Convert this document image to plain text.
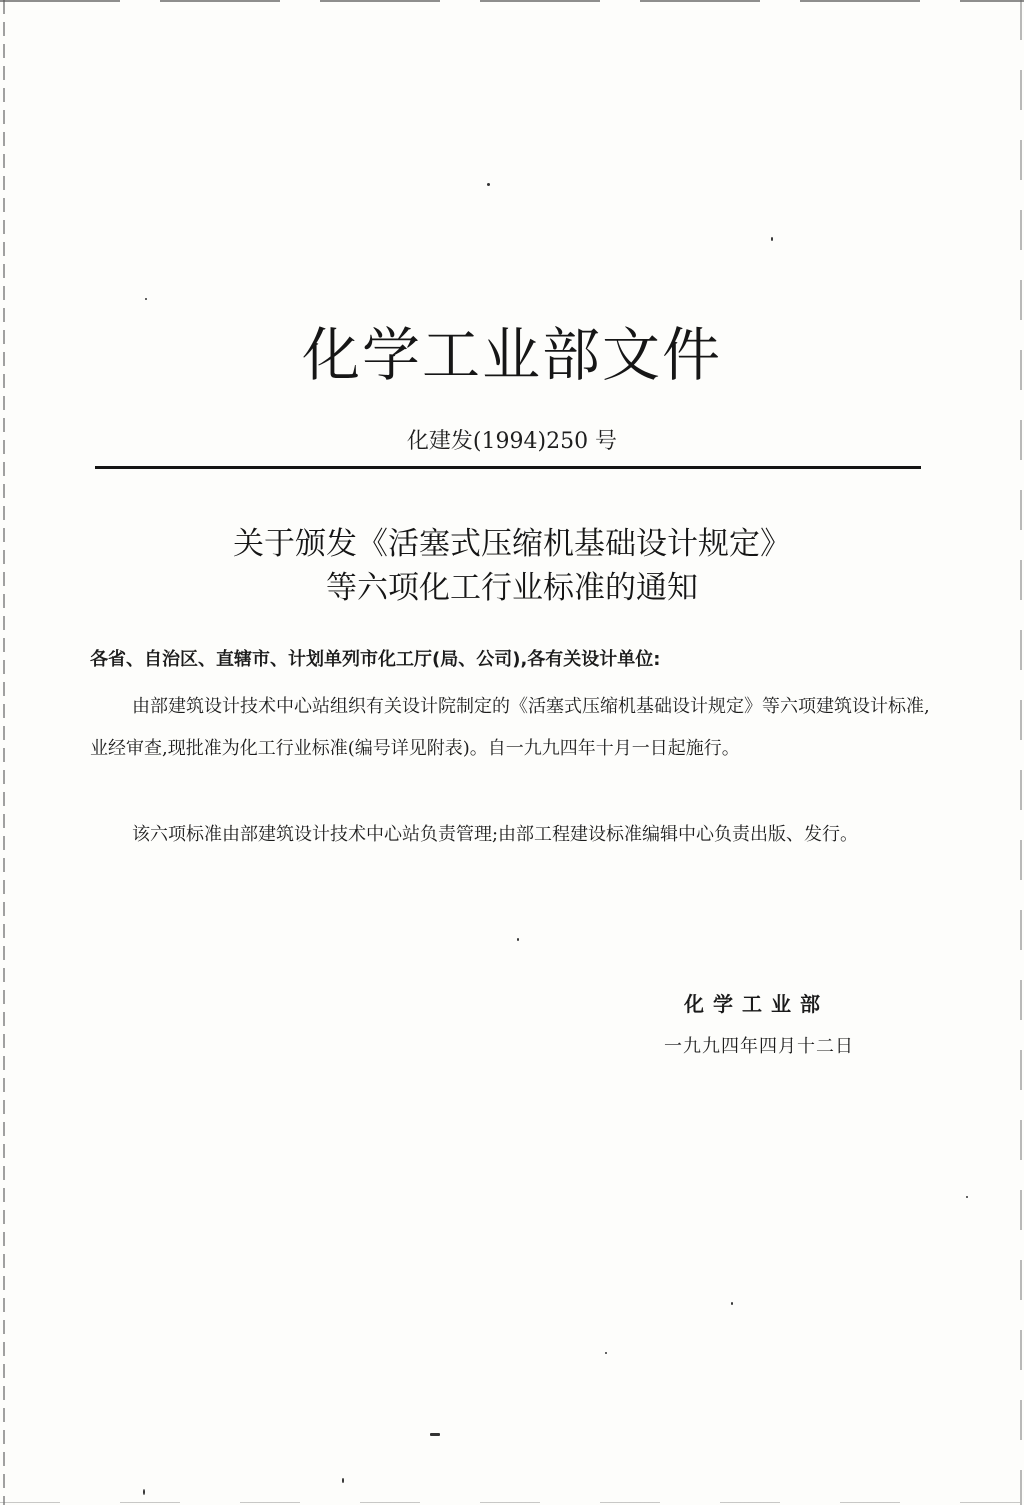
化学工业部文件
化建发(1994)250 号
关于颁发《活塞式压缩机基础设计规定》
等六项化工行业标准的通知
各省、自治区、直辖市、计划单列市化工厅(局、公司),各有关设计单位:
由部建筑设计技术中心站组织有关设计院制定的《活塞式压缩机基础设计规定》等六项建筑设计标准,业经审查,现批准为化工行业标准(编号详见附表)。自一九九四年十月一日起施行。
该六项标准由部建筑设计技术中心站负责管理;由部工程建设标准编辑中心负责出版、发行。
化学工业部
一九九四年四月十二日
